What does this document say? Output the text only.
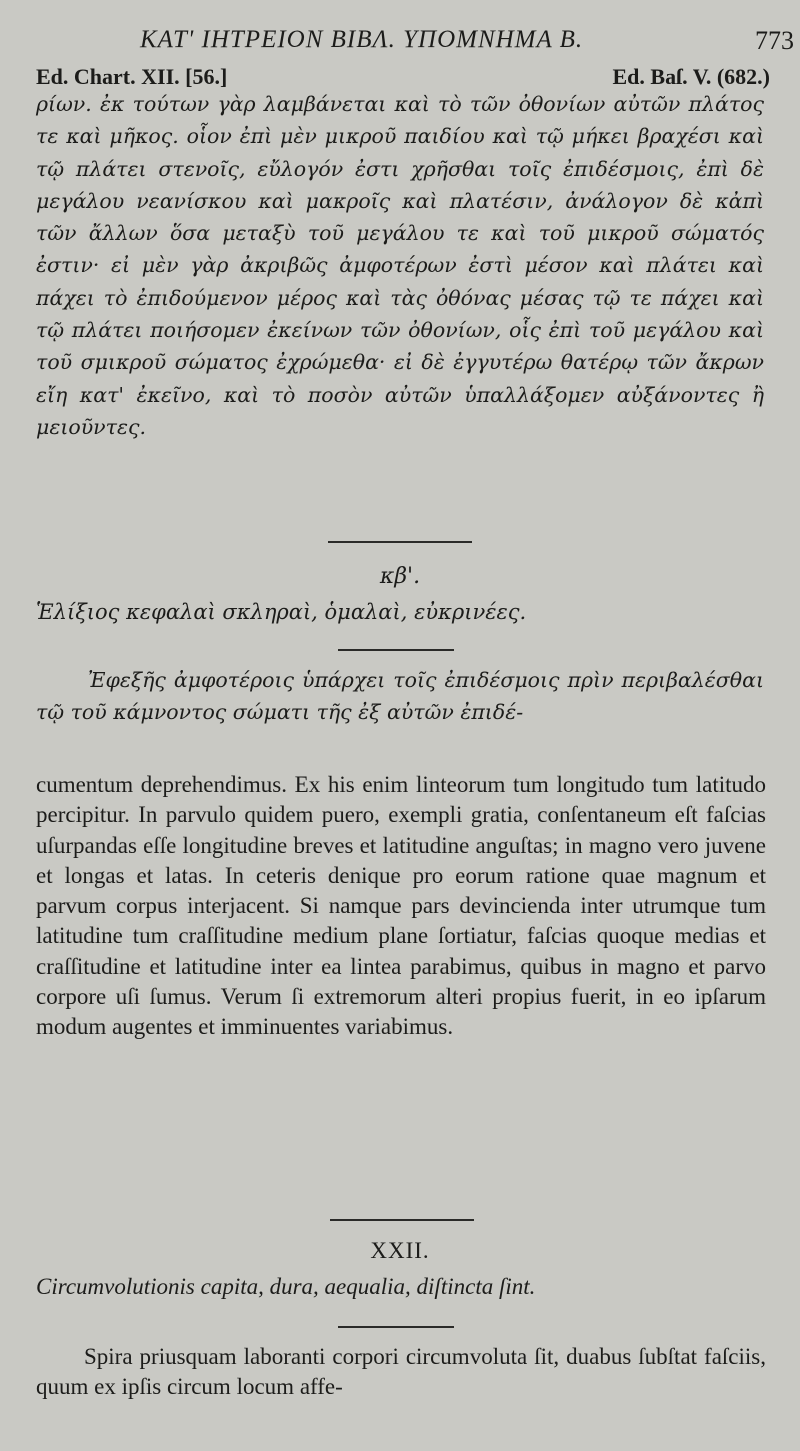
ΚΑΤ' ΙΗΤΡΕΙΟΝ ΒΙΒΛ. ΥΠΟΜΝΗΜΑ Β.	773
Ed. Chart. XII. [56.]	Ed. Baſ. V. (682.)
ρίων. ἐκ τούτων γὰρ λαμβάνεται καὶ τὸ τῶν ὀθονίων αὐτῶν πλάτος τε καὶ μῆκος. οἷον ἐπὶ μὲν μικροῦ παιδίου καὶ τῷ μήκει βραχέσι καὶ τῷ πλάτει στενοῖς, εὔλογόν ἐστι χρῆσθαι τοῖς ἐπιδέσμοις, ἐπὶ δὲ μεγάλου νεανίσκου καὶ μακροῖς καὶ πλατέσιν, ἀνάλογον δὲ κἀπὶ τῶν ἄλλων ὅσα μεταξὺ τοῦ μεγάλου τε καὶ τοῦ μικροῦ σώματός ἐστιν· εἰ μὲν γὰρ ἀκριβῶς ἀμφοτέρων ἐστὶ μέσον καὶ πλάτει καὶ πάχει τὸ ἐπιδούμενον μέρος καὶ τὰς ὀθόνας μέσας τῷ τε πάχει καὶ τῷ πλάτει ποιήσομεν ἐκείνων τῶν ὀθονίων, οἷς ἐπὶ τοῦ μεγάλου καὶ τοῦ σμικροῦ σώματος ἐχρώμεθα· εἰ δὲ ἐγγυτέρω θατέρῳ τῶν ἄκρων εἴη κατ' ἐκεῖνο, καὶ τὸ ποσὸν αὐτῶν ὑπαλλάξομεν αὐξάνοντες ἢ μειοῦντες.
κβ'.
Ἑλίξιος κεφαλαὶ σκληραὶ, ὁμαλαὶ, εὐκρινέες.
Ἐφεξῆς ἀμφοτέροις ὑπάρχει τοῖς ἐπιδέσμοις πρὶν περιβαλέσθαι τῷ τοῦ κάμνοντος σώματι τῆς ἐξ αὐτῶν ἐπιδέ-
cumentum deprehendimus. Ex his enim linteorum tum longitudo tum latitudo percipitur. In parvulo quidem puero, exempli gratia, conſentaneum eſt faſcias uſurpandas eſſe longitudine breves et latitudine anguſtas; in magno vero juvene et longas et latas. In ceteris denique pro eorum ratione quae magnum et parvum corpus interjacent. Si namque pars devincienda inter utrumque tum latitudine tum craſſitudine medium plane ſortiatur, faſcias quoque medias et craſſitudine et latitudine inter ea lintea parabimus, quibus in magno et parvo corpore uſi ſumus. Verum ſi extremorum alteri propius fuerit, in eo ipſarum modum augentes et imminuentes variabimus.
XXII.
Circumvolutionis capita, dura, aequalia, diſtincta ſint.
Spira priusquam laboranti corpori circumvoluta ſit, duabus ſubſtat faſciis, quum ex ipſis circum locum affe-
